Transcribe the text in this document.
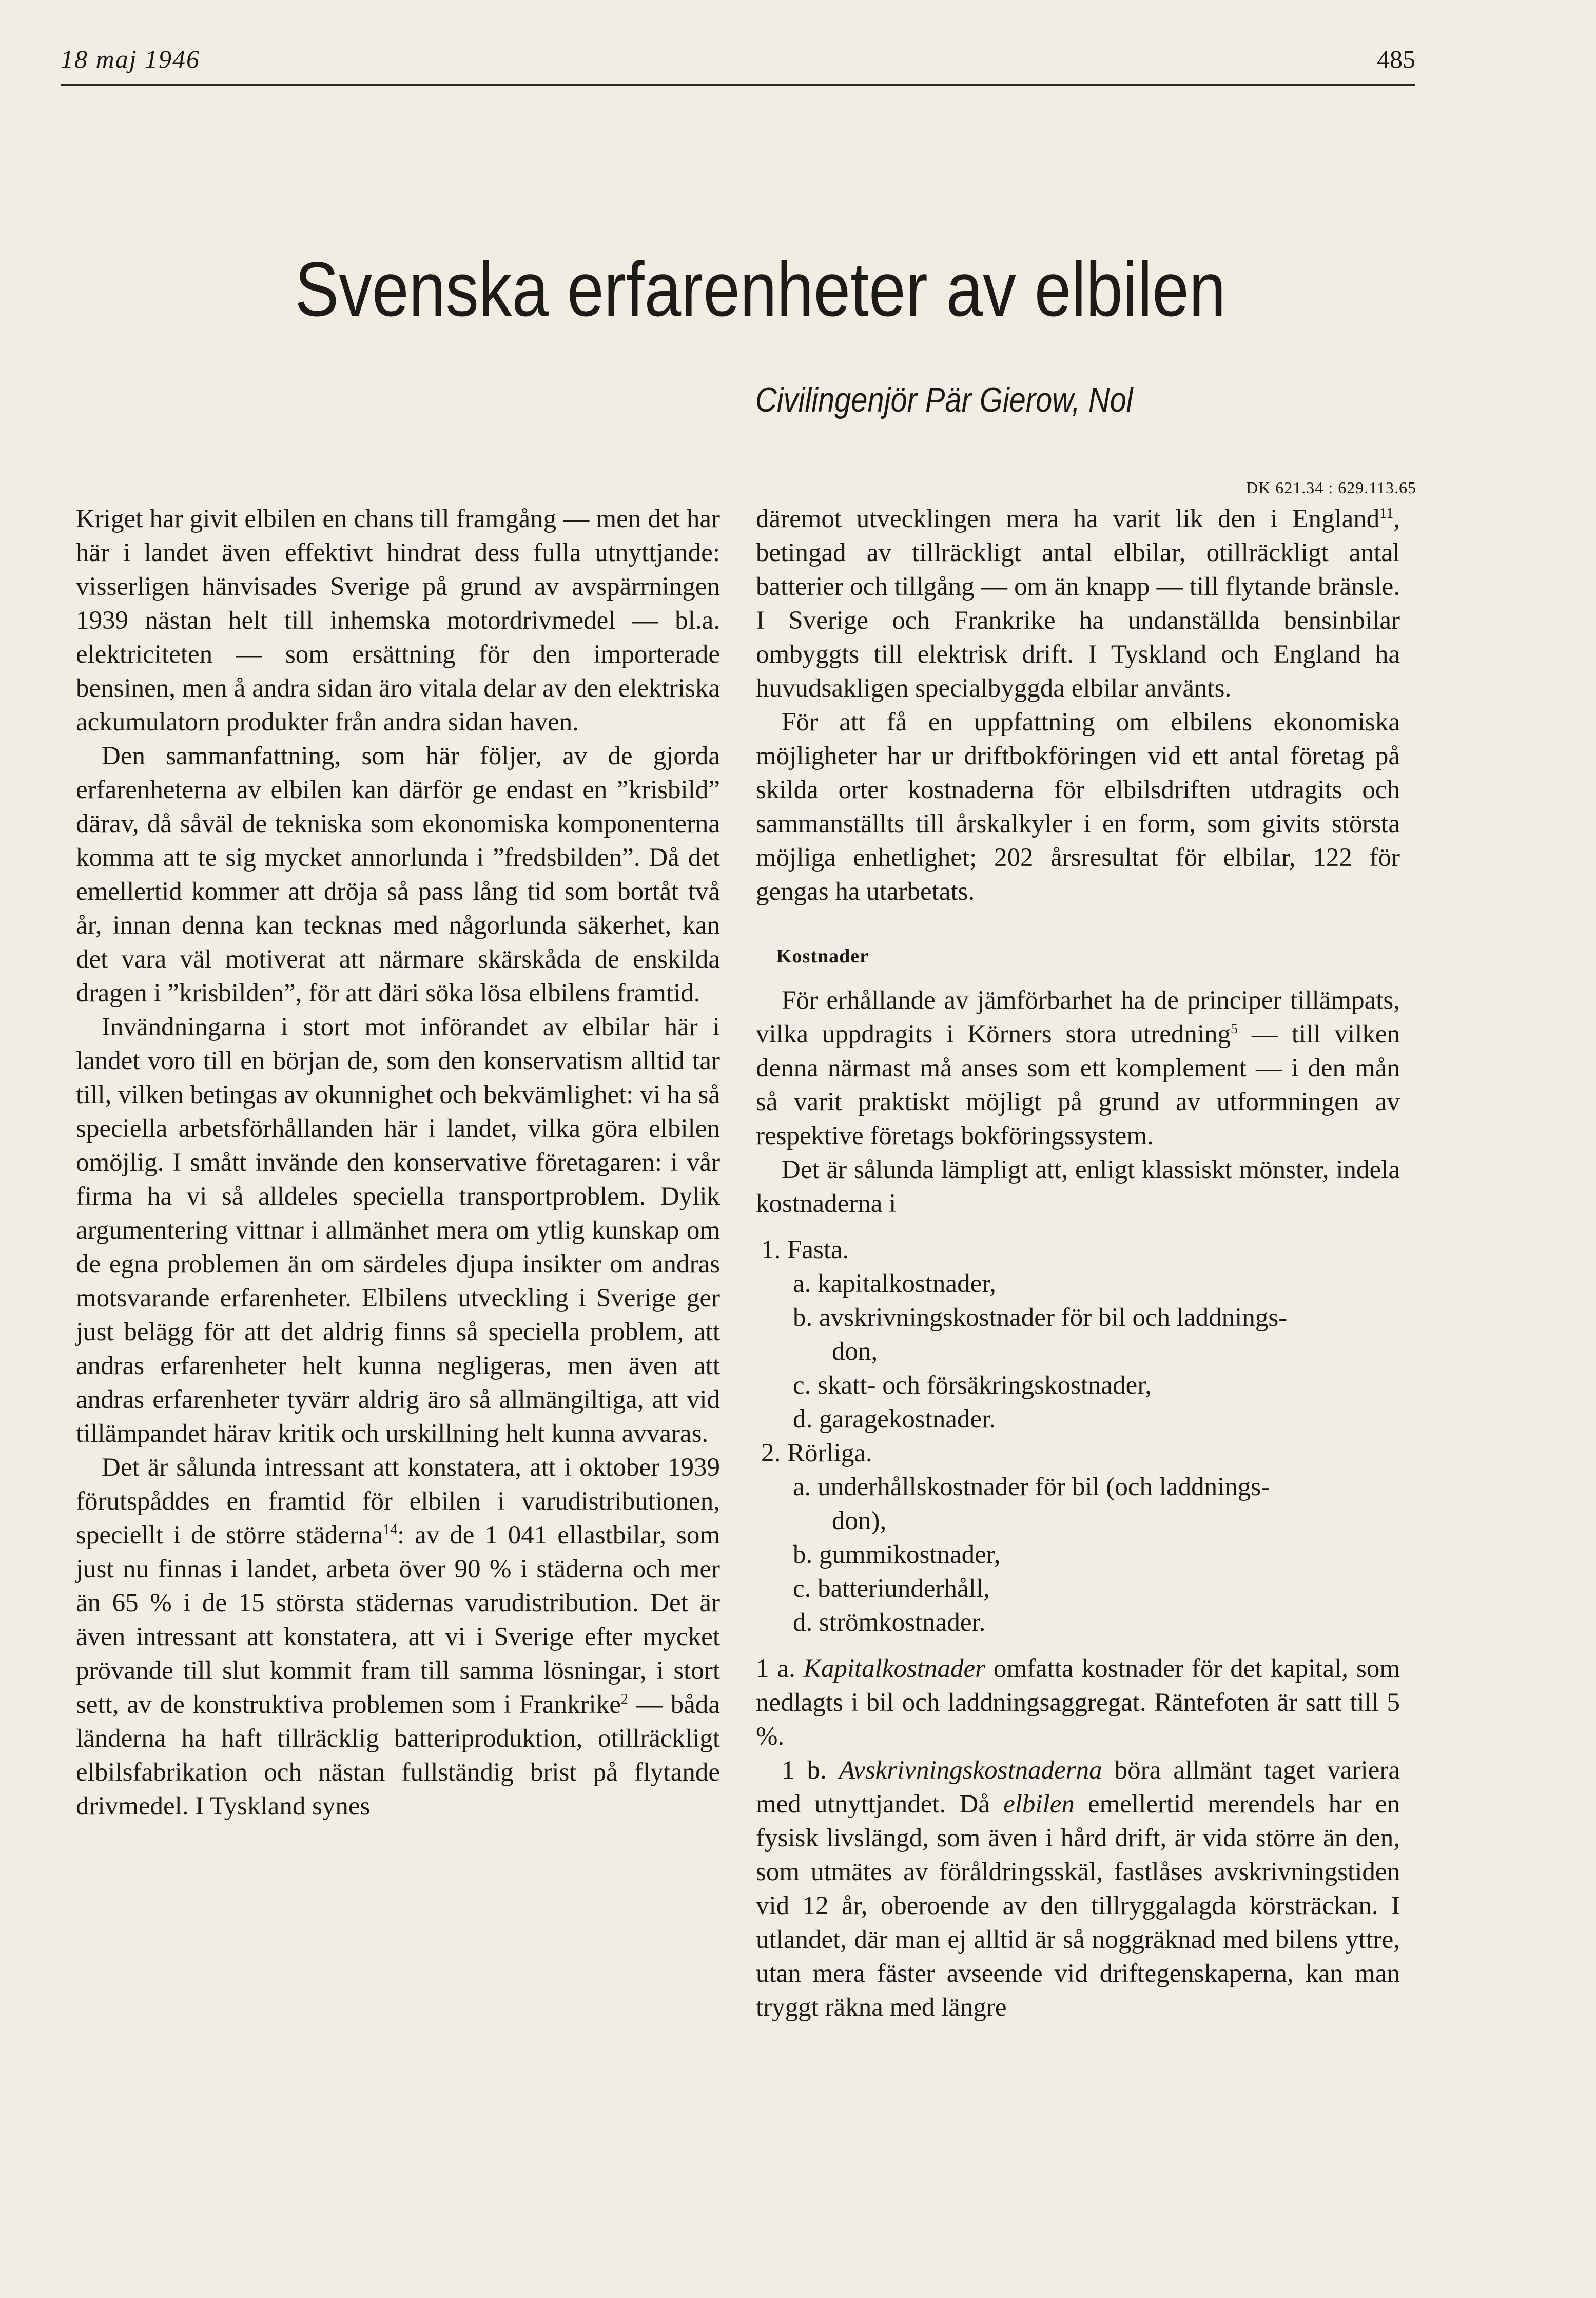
18 maj 1946	485
Svenska erfarenheter av elbilen
Civilingenjör Pär Gierow, Nol
DK 621.34 : 629.113.65

Kriget har givit elbilen en chans till framgång — men det har här i landet även effektivt hindrat dess fulla utnyttjande: visserligen hänvisades Sverige på grund av avspärrningen 1939 nästan helt till inhemska motordrivmedel — bl.a. elektriciteten — som ersättning för den importerade bensinen, men å andra sidan äro vitala delar av den elektriska ackumulatorn produkter från andra sidan haven.

Den sammanfattning, som här följer, av de gjorda erfarenheterna av elbilen kan därför ge endast en ”krisbild” därav, då såväl de tekniska som ekonomiska komponenterna komma att te sig mycket annorlunda i ”fredsbilden”. Då det emellertid kommer att dröja så pass lång tid som bortåt två år, innan denna kan tecknas med någorlunda säkerhet, kan det vara väl motiverat att närmare skärskåda de enskilda dragen i ”krisbilden”, för att däri söka lösa elbilens framtid.

Invändningarna i stort mot införandet av elbilar här i landet voro till en början de, som den konservatism alltid tar till, vilken betingas av okunnighet och bekvämlighet: vi ha så speciella arbetsförhållanden här i landet, vilka göra elbilen omöjlig. I smått invände den konservative företagaren: i vår firma ha vi så alldeles speciella transportproblem. Dylik argumentering vittnar i allmänhet mera om ytlig kunskap om de egna problemen än om särdeles djupa insikter om andras motsvarande erfarenheter. Elbilens utveckling i Sverige ger just belägg för att det aldrig finns så speciella problem, att andras erfarenheter helt kunna negligeras, men även att andras erfarenheter tyvärr aldrig äro så allmängiltiga, att vid tillämpandet härav kritik och urskillning helt kunna avvaras.

Det är sålunda intressant att konstatera, att i oktober 1939 förutspåddes en framtid för elbilen i varudistributionen, speciellt i de större städerna$^{14}$: av de 1 041 ellastbilar, som just nu finnas i landet, arbeta över 90 % i städerna och mer än 65 % i de 15 största städernas varudistribution. Det är även intressant att konstatera, att vi i Sverige efter mycket prövande till slut kommit fram till samma lösningar, i stort sett, av de konstruktiva problemen som i Frankrike$^2$ — båda länderna ha haft tillräcklig batteriproduktion, otillräckligt elbilsfabrikation och nästan fullständig brist på flytande drivmedel. I Tyskland synes

däremot utvecklingen mera ha varit lik den i England$^{11}$, betingad av tillräckligt antal elbilar, otillräckligt antal batterier och tillgång — om än knapp — till flytande bränsle. I Sverige och Frankrike ha undanställda bensinbilar ombyggts till elektrisk drift. I Tyskland och England ha huvudsakligen specialbyggda elbilar använts.

För att få en uppfattning om elbilens ekonomiska möjligheter har ur driftbokföringen vid ett antal företag på skilda orter kostnaderna för elbilsdriften utdragits och sammanställts till årskalkyler i en form, som givits största möjliga enhetlighet; 202 årsresultat för elbilar, 122 för gengas ha utarbetats.

Kostnader

För erhållande av jämförbarhet ha de principer tillämpats, vilka uppdragits i Körners stora utredning$^5$ — till vilken denna närmast må anses som ett komplement — i den mån så varit praktiskt möjligt på grund av utformningen av respektive företags bokföringssystem.

Det är sålunda lämpligt att, enligt klassiskt mönster, indela kostnaderna i

1. Fasta.
a. kapitalkostnader,
b. avskrivningskostnader för bil och laddnings-
don,
c. skatt- och försäkringskostnader,
d. garagekostnader.
2. Rörliga.
a. underhållskostnader för bil (och laddnings-
don),
b. gummikostnader,
c. batteriunderhåll,
d. strömkostnader.

1 a. Kapitalkostnader omfatta kostnader för det kapital, som nedlagts i bil och laddningsaggregat. Räntefoten är satt till 5 %.

1 b. Avskrivningskostnaderna böra allmänt taget variera med utnyttjandet. Då elbilen emellertid merendels har en fysisk livslängd, som även i hård drift, är vida större än den, som utmätes av föråldringsskäl, fastlåses avskrivningstiden vid 12 år, oberoende av den tillryggalagda körsträckan. I utlandet, där man ej alltid är så noggräknad med bilens yttre, utan mera fäster avseende vid driftegenskaperna, kan man tryggt räkna med längre
